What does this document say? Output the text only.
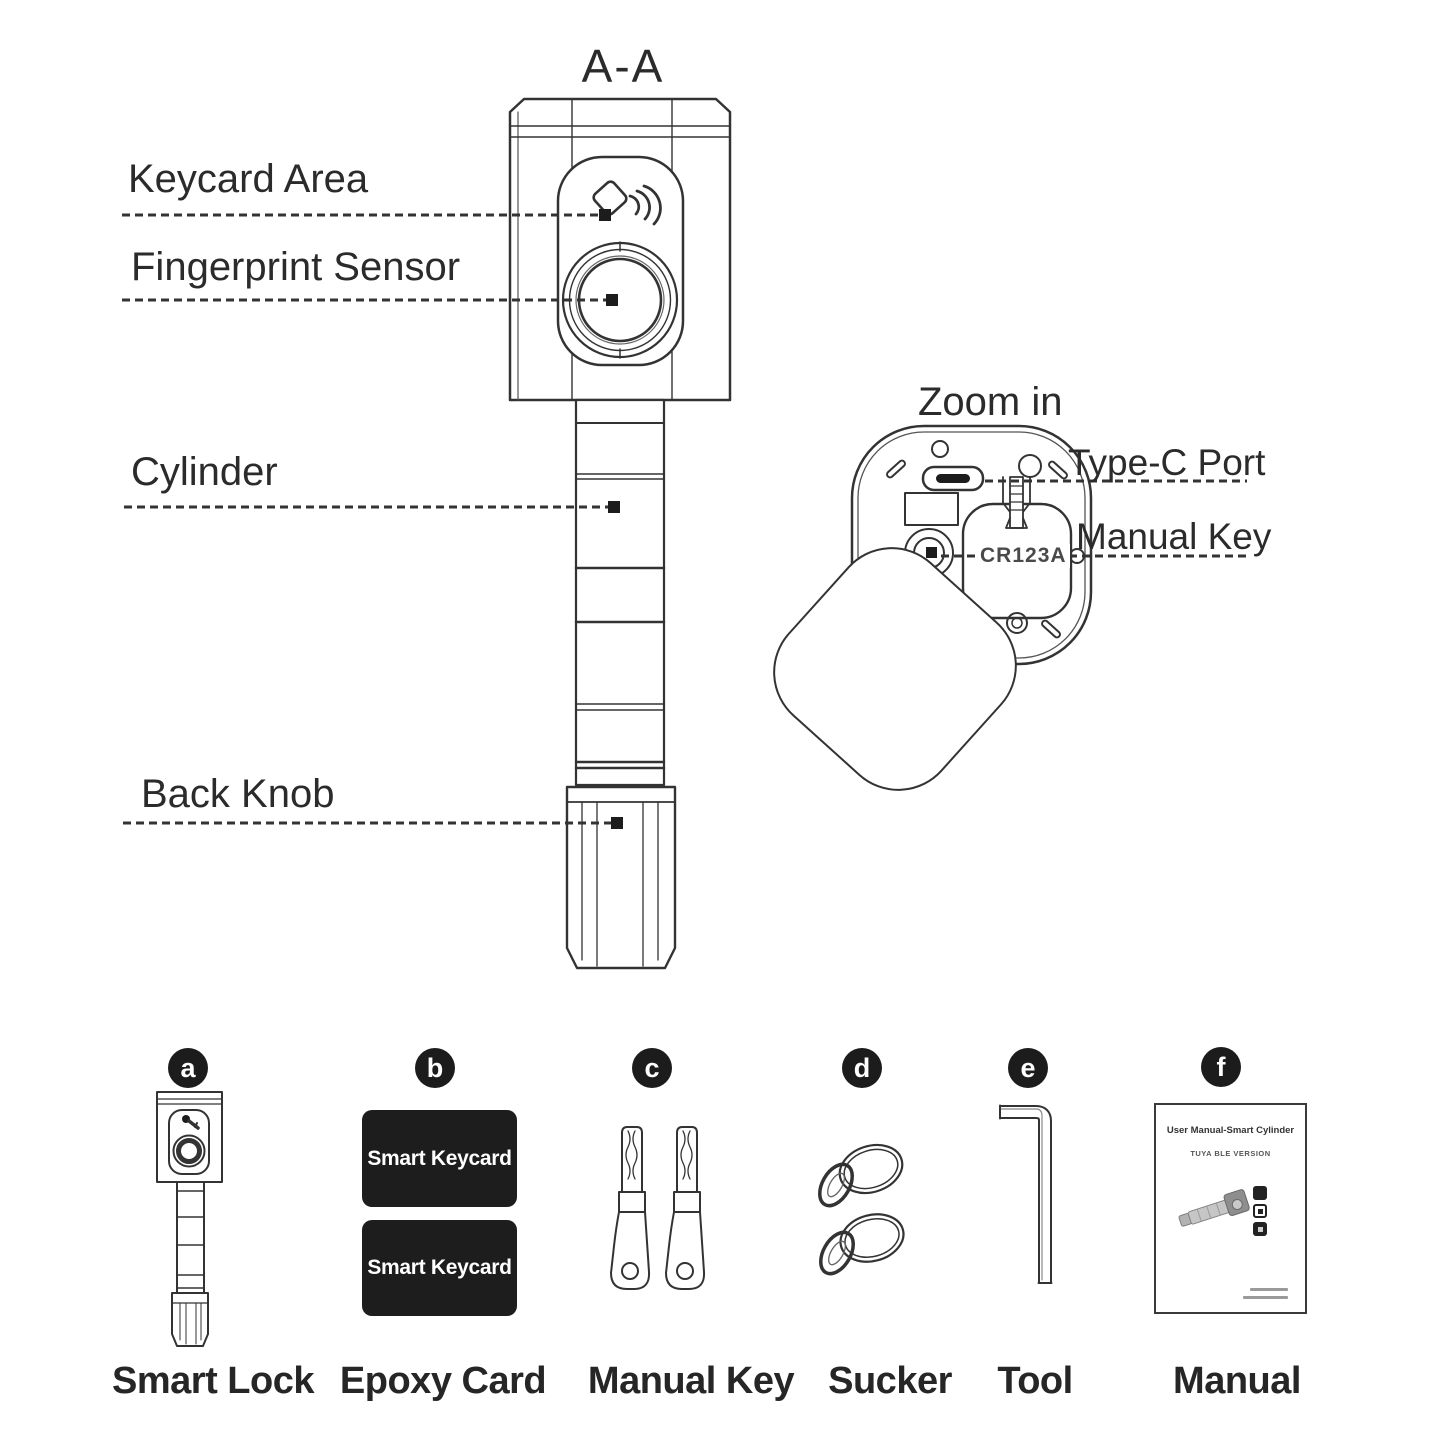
A-A
Keycard Area
Fingerprint Sensor
Cylinder
Back Knob
Zoom in
Type-C Port
Manual Key
CR123A
a	b	c	d	e	f
Smart Keycard
Smart Keycard
User Manual-Smart Cylinder
TUYA BLE VERSION
Smart Lock Epoxy Card Manual Key Sucker Tool	Manual
